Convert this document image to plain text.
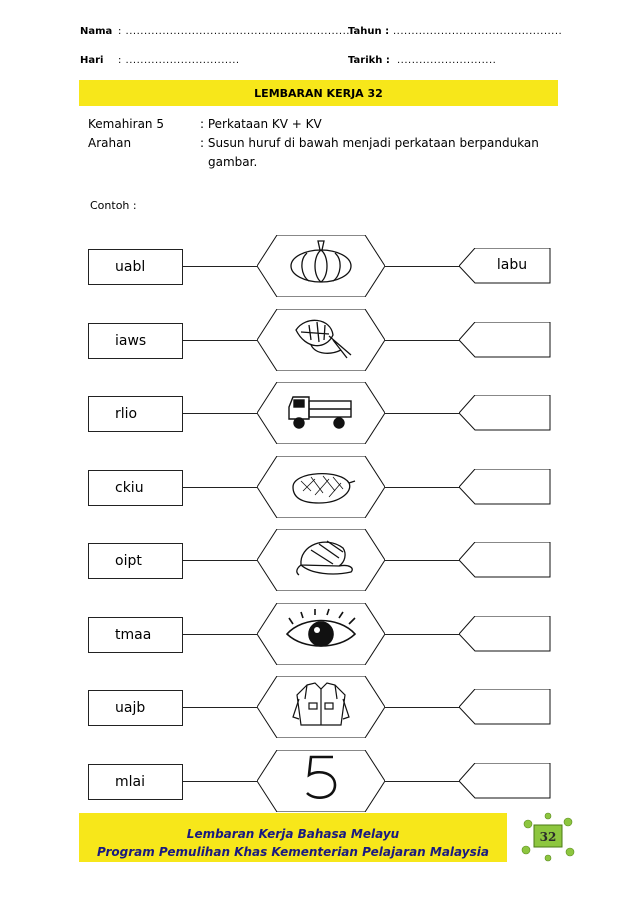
Nama : ..............................................................
Tahun : ..............................................
Hari : ...............................	Tarikh : ...........................
LEMBARAN KERJA 32
Kemahiran 5	: Perkataan KV + KV
Arahan	: Susun huruf di bawah menjadi perkataan berpandukan
gambar.
Contoh :
uabl	labu
iaws
rlio
ckiu
oipt
tmaa
uajb
mlai
Lembaran Kerja Bahasa Melayu
Program Pemulihan Khas Kementerian Pelajaran Malaysia
32
